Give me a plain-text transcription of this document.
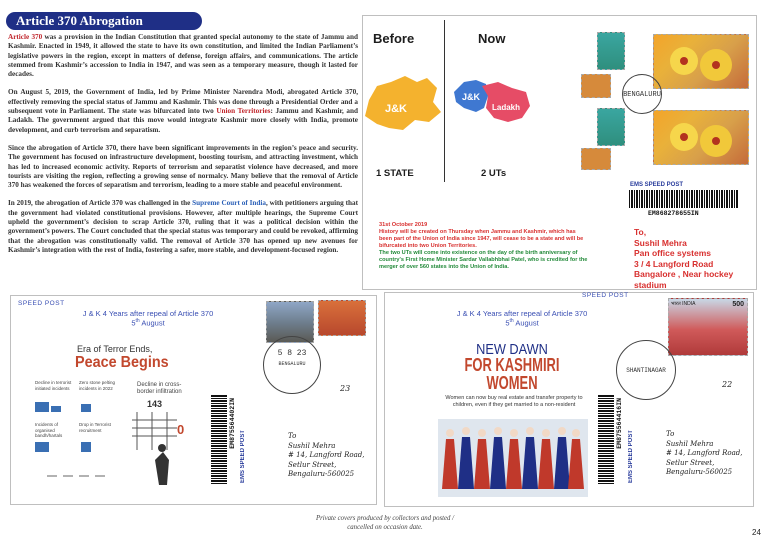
Article 370 Abrogation

Article 370 was a provision in the Indian Constitution that granted special autonomy to the state of Jammu and Kashmir. Enacted in 1949, it allowed the state to have its own constitution, and limited the Indian Parliament’s legislative powers in the region, except in matters of defense, foreign affairs, and communications. The article stemmed from Kashmir’s accession to India in 1947, and was seen as a temporary measure, though it lasted for decades.

On August 5, 2019, the Government of India, led by Prime Minister Narendra Modi, abrogated Article 370, effectively removing the special status of Jammu and Kashmir. This was done through a Presidential Order and a subsequent vote in Parliament. The state was bifurcated into two Union Territories: Jammu and Kashmir, and Ladakh. The government argued that this move would integrate Kashmir more closely with India, promote development, and curb terrorism and separatism.

Since the abrogation of Article 370, there have been significant improvements in the region’s peace and security. The government has focused on infrastructure development, boosting tourism, and attracting investment, which has led to increased economic activity. Reports of terrorism and separatist violence have decreased, and more tourists are visiting the region, reflecting a growing sense of normalcy. Many believe that the removal of Article 370 has weakened the forces of separatism and terrorism, leading to a more stable and peaceful environment.

In 2019, the abrogation of Article 370 was challenged in the Supreme Court of India, with petitioners arguing that the government had violated constitutional provisions. However, after multiple hearings, the Supreme Court upheld the government’s decision to scrap Article 370, ruling that it was a political decision within the government’s powers. The Court concluded that the special status was temporary and could be revoked, affirming that the abrogation was constitutionally valid. The removal of Article 370 has opened up new avenues for Kashmir’s integration with the rest of India, fostering a safer, more stable, and development-focused region.

Before	Now
J&K
J&K
Ladakh
1 STATE	2 UTs
BENGALURU
EMS SPEED POST
EM868278655IN
31st October 2019
History will be created on Thursday when Jammu and Kashmir, which has been part of the Union of India since 1947, will cease to be a state and will be bifurcated into two Union Territories.
The two UTs will come into existence on the day of the birth anniversary of country's First Home Minister Sardar Vallabhbhai Patel, who is credited for the merger of over 560 states into the Union of India.
To,
Sushil Mehra
Pan office systems
3 / 4 Langford Road
Bangalore , Near hockey stadium
SPEED POST
J & K 4 Years after repeal of Article 370
5th August
Era of Terror Ends,
Peace Begins
Decline in terrorist initiated incidents
Zero stone pelting incidents in 2022	Decline in cross-border infiltration
143
0
Incidents of organised bandh/hartals
Drop in Terrorist recruitment
5 8 23
BENGALURU
23
EM875564402IN
EMS SPEED POST	To
Sushil Mehra
# 14, Langford Road,
Setlur Street,
Bengaluru-560025
SPEED POST
J & K 4 Years after repeal of Article 370
5th August
NEW DAWN
FOR KASHMIRI
WOMEN
Women can now buy real estate and transfer property to children, even if they get married to a non-resident
भारत INDIA	500
SHANTINAGAR
22
EM875564416IN
EMS SPEED POST	To
Sushil Mehra
# 14, Langford Road,
Setlur Street,
Bengaluru-560025
Private covers produced by collectors and posted / cancelled on occasion date.
24
